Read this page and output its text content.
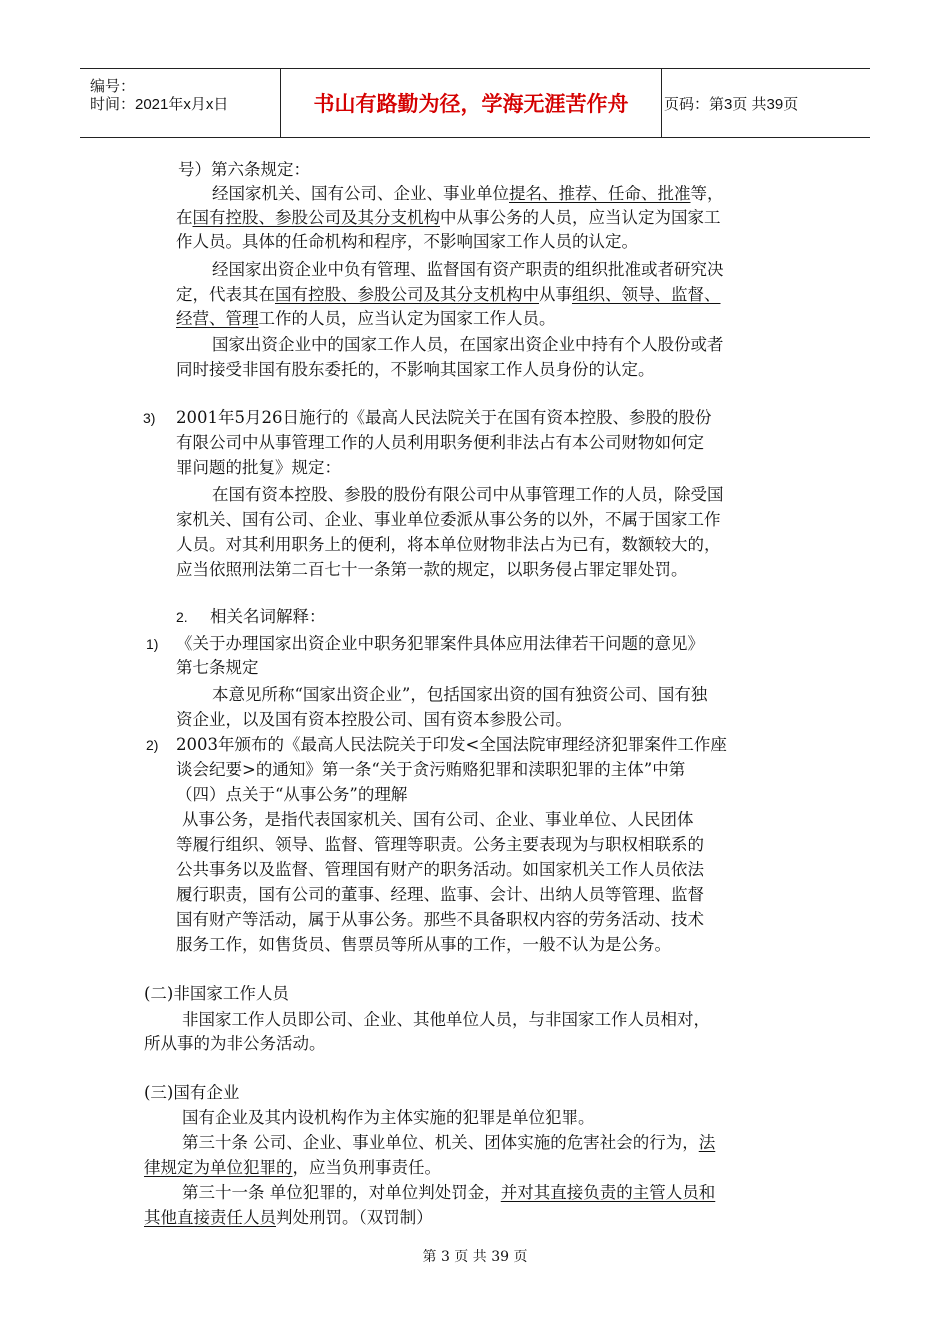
编号：
时间：2021年x月x日	书山有路勤为径，学海无涯苦作舟	页码：第3页 共39页
号）第六条规定：
经国家机关、国有公司、企业、事业单位提名、推荐、任命、批准等，
在国有控股、参股公司及其分支机构中从事公务的人员，应当认定为国家工
作人员。具体的任命机构和程序，不影响国家工作人员的认定。
经国家出资企业中负有管理、监督国有资产职责的组织批准或者研究决
定，代表其在国有控股、参股公司及其分支机构中从事组织、领导、监督、
经营、管理工作的人员，应当认定为国家工作人员。
国家出资企业中的国家工作人员，在国家出资企业中持有个人股份或者
同时接受非国有股东委托的，不影响其国家工作人员身份的认定。
3) 2001年5月26日施行的《最高人民法院关于在国有资本控股、参股的股份
有限公司中从事管理工作的人员利用职务便利非法占有本公司财物如何定
罪问题的批复》规定：
在国有资本控股、参股的股份有限公司中从事管理工作的人员，除受国
家机关、国有公司、企业、事业单位委派从事公务的以外，不属于国家工作
人员。对其利用职务上的便利，将本单位财物非法占为已有，数额较大的，
应当依照刑法第二百七十一条第一款的规定，以职务侵占罪定罪处罚。
2. 相关名词解释：
1) 《关于办理国家出资企业中职务犯罪案件具体应用法律若干问题的意见》
第七条规定
本意见所称“国家出资企业”，包括国家出资的国有独资公司、国有独
资企业，以及国有资本控股公司、国有资本参股公司。
2) 2003年颁布的《最高人民法院关于印发<全国法院审理经济犯罪案件工作座
谈会纪要>的通知》第一条“关于贪污贿赂犯罪和渎职犯罪的主体”中第
（四）点关于“从事公务”的理解
从事公务，是指代表国家机关、国有公司、企业、事业单位、人民团体
等履行组织、领导、监督、管理等职责。公务主要表现为与职权相联系的
公共事务以及监督、管理国有财产的职务活动。如国家机关工作人员依法
履行职责，国有公司的董事、经理、监事、会计、出纳人员等管理、监督
国有财产等活动，属于从事公务。那些不具备职权内容的劳务活动、技术
服务工作，如售货员、售票员等所从事的工作，一般不认为是公务。
(二)非国家工作人员
非国家工作人员即公司、企业、其他单位人员，与非国家工作人员相对，
所从事的为非公务活动。
(三)国有企业
国有企业及其内设机构作为主体实施的犯罪是单位犯罪。
第三十条 公司、企业、事业单位、机关、团体实施的危害社会的行为，法
律规定为单位犯罪的，应当负刑事责任。
第三十一条 单位犯罪的，对单位判处罚金，并对其直接负责的主管人员和
其他直接责任人员判处刑罚。（双罚制）
第 3 页 共 39 页
